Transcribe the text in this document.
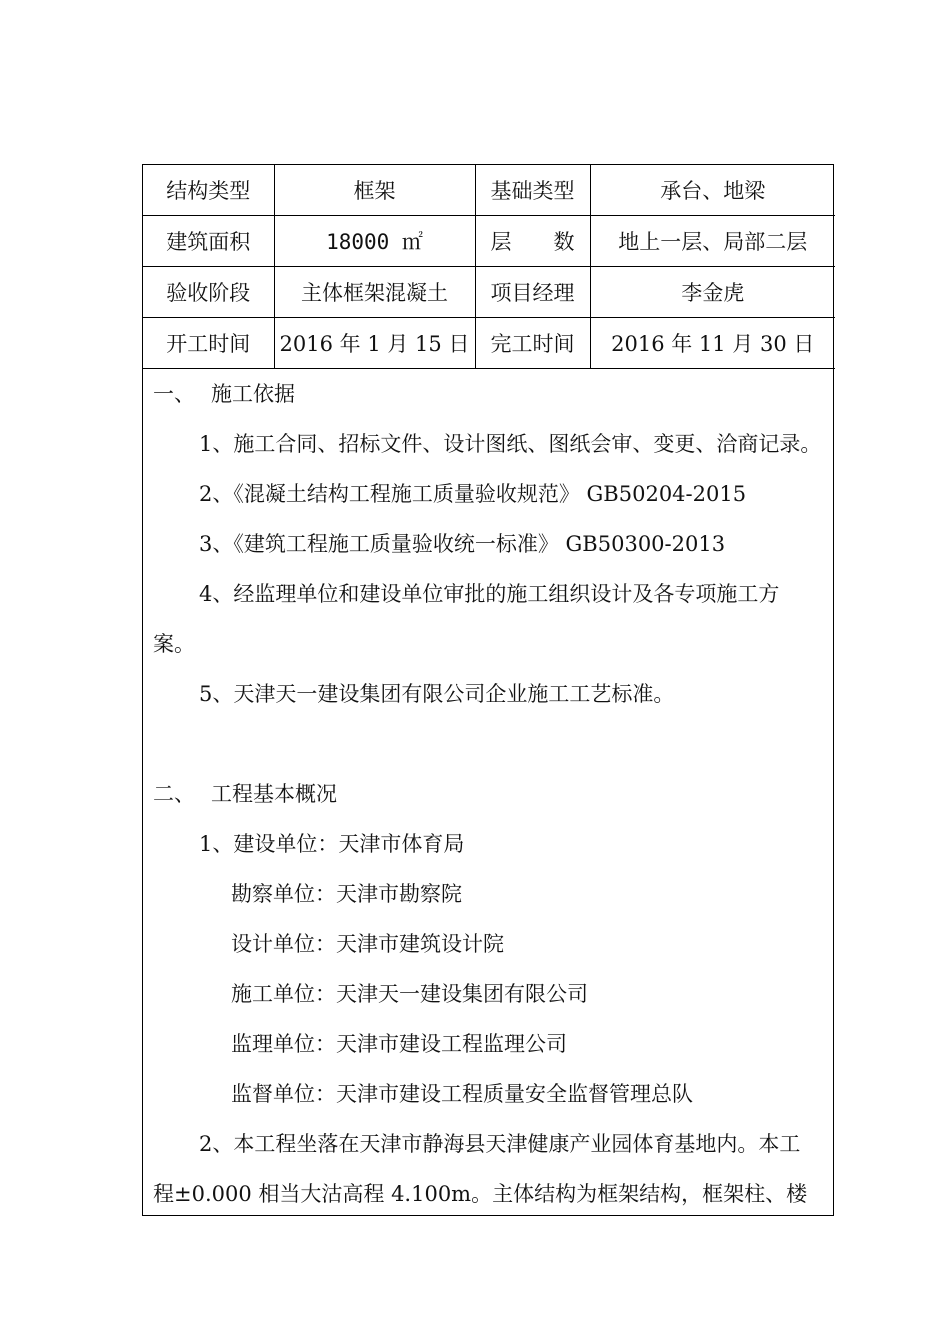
结构类型	框架	基础类型	承台、地梁
建筑面积	18000 ㎡	层　　数	地上一层、局部二层
验收阶段	主体框架混凝土	项目经理	李金虎
开工时间	2016 年 1 月 15 日	完工时间	2016 年 11 月 30 日
一、 施工依据
1、施工合同、招标文件、设计图纸、图纸会审、变更、洽商记录。
2、《混凝土结构工程施工质量验收规范》 GB50204-2015
3、《建筑工程施工质量验收统一标准》 GB50300-2013
4、经监理单位和建设单位审批的施工组织设计及各专项施工方
案。
5、天津天一建设集团有限公司企业施工工艺标准。
二、 工程基本概况
1、建设单位：天津市体育局
勘察单位：天津市勘察院
设计单位：天津市建筑设计院
施工单位：天津天一建设集团有限公司
监理单位：天津市建设工程监理公司
监督单位：天津市建设工程质量安全监督管理总队
2、本工程坐落在天津市静海县天津健康产业园体育基地内。本工
程±0.000 相当大沽高程 4.100m。主体结构为框架结构，框架柱、楼
